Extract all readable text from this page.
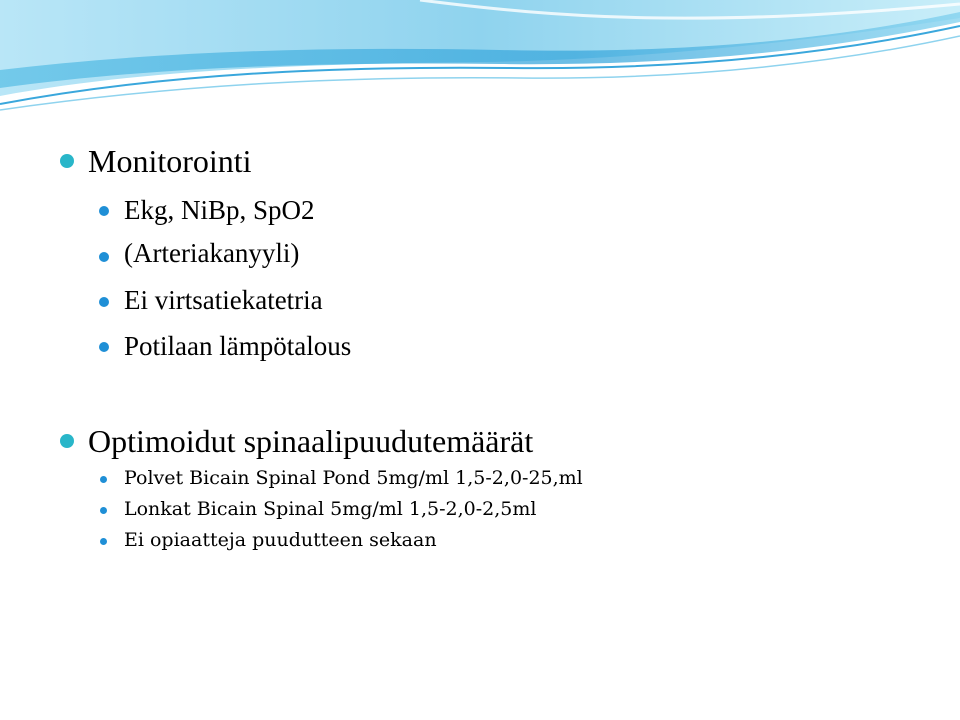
Monitorointi
Ekg, NiBp, SpO2
(Arteriakanyyli)
Ei virtsatiekatetria
Potilaan lämpötalous
Optimoidut spinaalipuudutemäärät
Polvet Bicain Spinal Pond 5mg/ml 1,5-2,0-25,ml
Lonkat Bicain Spinal 5mg/ml 1,5-2,0-2,5ml
Ei opiaatteja puudutteen sekaan
